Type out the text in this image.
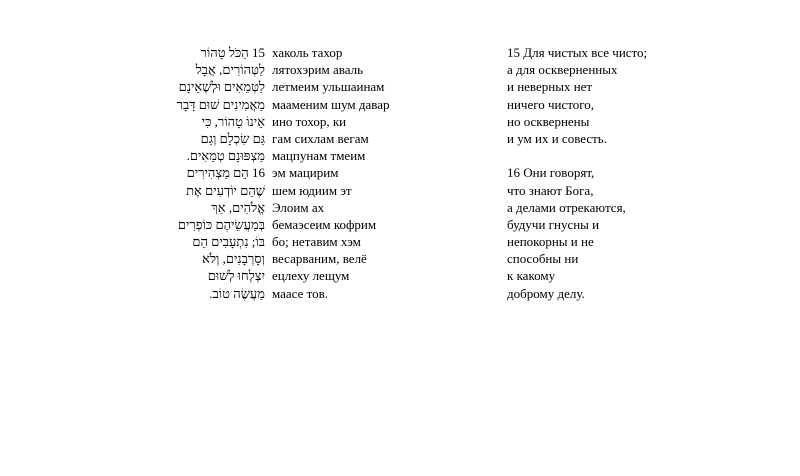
15 הַכֹּל טָהוֹר
לַטְּהוֹרִים, אֲבָל
לַטְּמֵאִים וּלְשֶׁאֵינָם
מַאֲמִינִים שׁוּם דָּבָר
אֵינוֹ טָהוֹר, כִּי
גַּם שִׂכְלָם וְגַם
מַצְפּוּנָם טְמֵאִים.
16 הֵם מַצְהִירִים
שֶׁהֵם יוֹדְעִים אֶת
אֱלֹהִים, אַךְ
בְּמַעֲשֵׂיהֶם כּוֹפְרִים
בּוֹ; נִתְעָבִים הֵם
וְסָרְבָנִים, וְלֹא
יִצְלְחוּ לְשׁוּם
מַעֲשֶׂה טוֹב.
хаколь тахор
лятохэрим аваль
летмеим ульшаинам
мааменим шум давар
ино тохор, ки
гам сихлам вегам
мацпунам тмеим
эм мацирим
шем юдиим эт
Элоим ах
бемаэсеим кофрим
бо; нетавим хэм
весарваним, велё
ецлеху лещум
маасе тов.
15 Для чистых все чисто;
а для оскверненных
и неверных нет
ничего чистого,
но осквернены
и ум их и совесть.
16 Они говорят,
что знают Бога,
а делами отрекаются,
будучи гнусны и
непокорны и не
способны ни
к какому
доброму делу.
